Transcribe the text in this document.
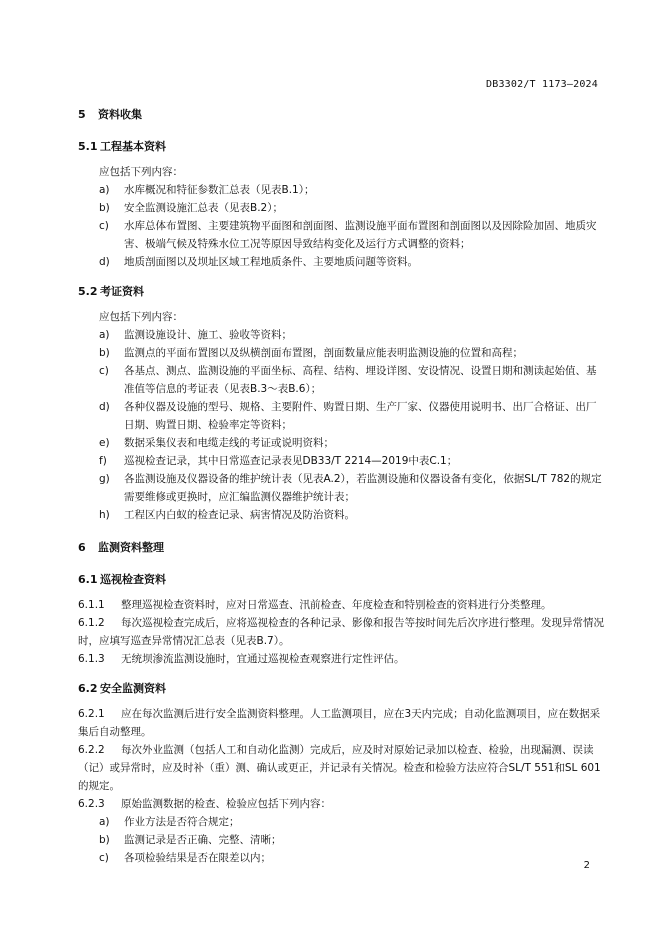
DB3302/T 1173—2024
5 资料收集
5.1 工程基本资料

应包括下列内容：

a) 水库概况和特征参数汇总表（见表B.1）；
b) 安全监测设施汇总表（见表B.2）；
c) 水库总体布置图、主要建筑物平面图和剖面图、监测设施平面布置图和剖面图以及因除险加固、地质灾害、极端气候及特殊水位工况等原因导致结构变化及运行方式调整的资料；
d) 地质剖面图以及坝址区域工程地质条件、主要地质问题等资料。
5.2 考证资料

应包括下列内容：

a) 监测设施设计、施工、验收等资料；
b) 监测点的平面布置图以及纵横剖面布置图，剖面数量应能表明监测设施的位置和高程；
c) 各基点、测点、监测设施的平面坐标、高程、结构、埋设详图、安设情况、设置日期和测读起始值、基准值等信息的考证表（见表B.3～表B.6）；
d) 各种仪器及设施的型号、规格、主要附件、购置日期、生产厂家、仪器使用说明书、出厂合格证、出厂日期、购置日期、检验率定等资料；
e) 数据采集仪表和电缆走线的考证或说明资料；
f) 巡视检查记录，其中日常巡查记录表见DB33/T 2214—2019中表C.1；
g) 各监测设施及仪器设备的维护统计表（见表A.2），若监测设施和仪器设备有变化，依据SL/T 782的规定需要维修或更换时，应汇编监测仪器维护统计表；
h) 工程区内白蚁的检查记录、病害情况及防治资料。
6 监测资料整理
6.1 巡视检查资料

6.1.1 整理巡视检查资料时，应对日常巡查、汛前检查、年度检查和特别检查的资料进行分类整理。

6.1.2 每次巡视检查完成后，应将巡视检查的各种记录、影像和报告等按时间先后次序进行整理。发现异常情况时，应填写巡查异常情况汇总表（见表B.7）。

6.1.3 无统坝渗流监测设施时，宜通过巡视检查观察进行定性评估。

6.2 安全监测资料

6.2.1 应在每次监测后进行安全监测资料整理。人工监测项目，应在3天内完成；自动化监测项目，应在数据采集后自动整理。

6.2.2 每次外业监测（包括人工和自动化监测）完成后，应及时对原始记录加以检查、检验，出现漏测、误读（记）或异常时，应及时补（重）测、确认或更正，并记录有关情况。检查和检验方法应符合SL/T 551和SL 601的规定。

6.2.3 原始监测数据的检查、检验应包括下列内容：

a) 作业方法是否符合规定；
b) 监测记录是否正确、完整、清晰；
c) 各项检验结果是否在限差以内；
2
